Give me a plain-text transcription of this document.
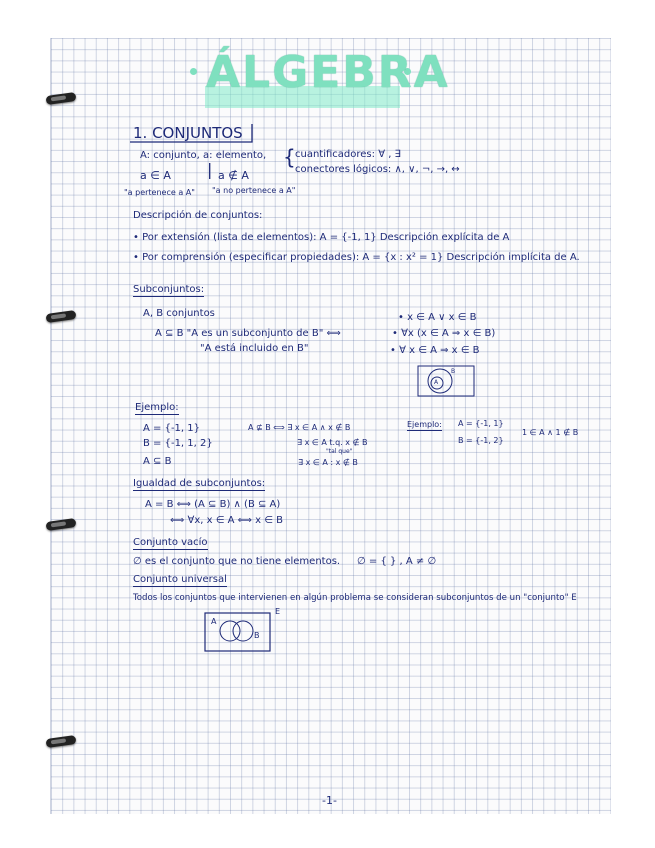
ÁLGEBRA
1. CONJUNTOS
A: conjunto, a: elemento, { cuantificadores: ∀ , ∃
conectores lógicos: ∧, ∨, ¬, →, ↔
a ∈ A | a ∉ A
"a pertenece a A" "a no pertenece a A"
Descripción de conjuntos:
• Por extensión (lista de elementos): A = {-1, 1} Descripción explícita de A
• Por comprensión (especificar propiedades): A = {x : x² = 1} Descripción implícita de A.
Subconjuntos:
A, B conjuntos
A ⊆ B "A es un subconjunto de B" ⟺
"A está incluido en B"
• x ∈ A ∨ x ∈ B
• ∀x (x ∈ A ⇒ x ∈ B)
• ∀ x ∈ A ⇒ x ∈ B
A
B
Ejemplo:
A = {-1, 1}
B = {-1, 1, 2}
A ⊆ B
A ⊈ B ⟺ ∃ x ∈ A ∧ x ∉ B
∃ x ∈ A t.q. x ∉ B
"tal que"
∃ x ∈ A : x ∉ B
Ejemplo: A = {-1, 1}
B = {-1, 2}
1 ∈ A ∧ 1 ∉ B
Igualdad de subconjuntos:
A = B ⟺ (A ⊆ B) ∧ (B ⊆ A)
⟺ ∀x, x ∈ A ⟺ x ∈ B
Conjunto vacío
∅ es el conjunto que no tiene elementos. ∅ = { } , A ≠ ∅
Conjunto universal
Todos los conjuntos que intervienen en algún problema se consideran subconjuntos de un "conjunto" E
E
A
B
-1-
